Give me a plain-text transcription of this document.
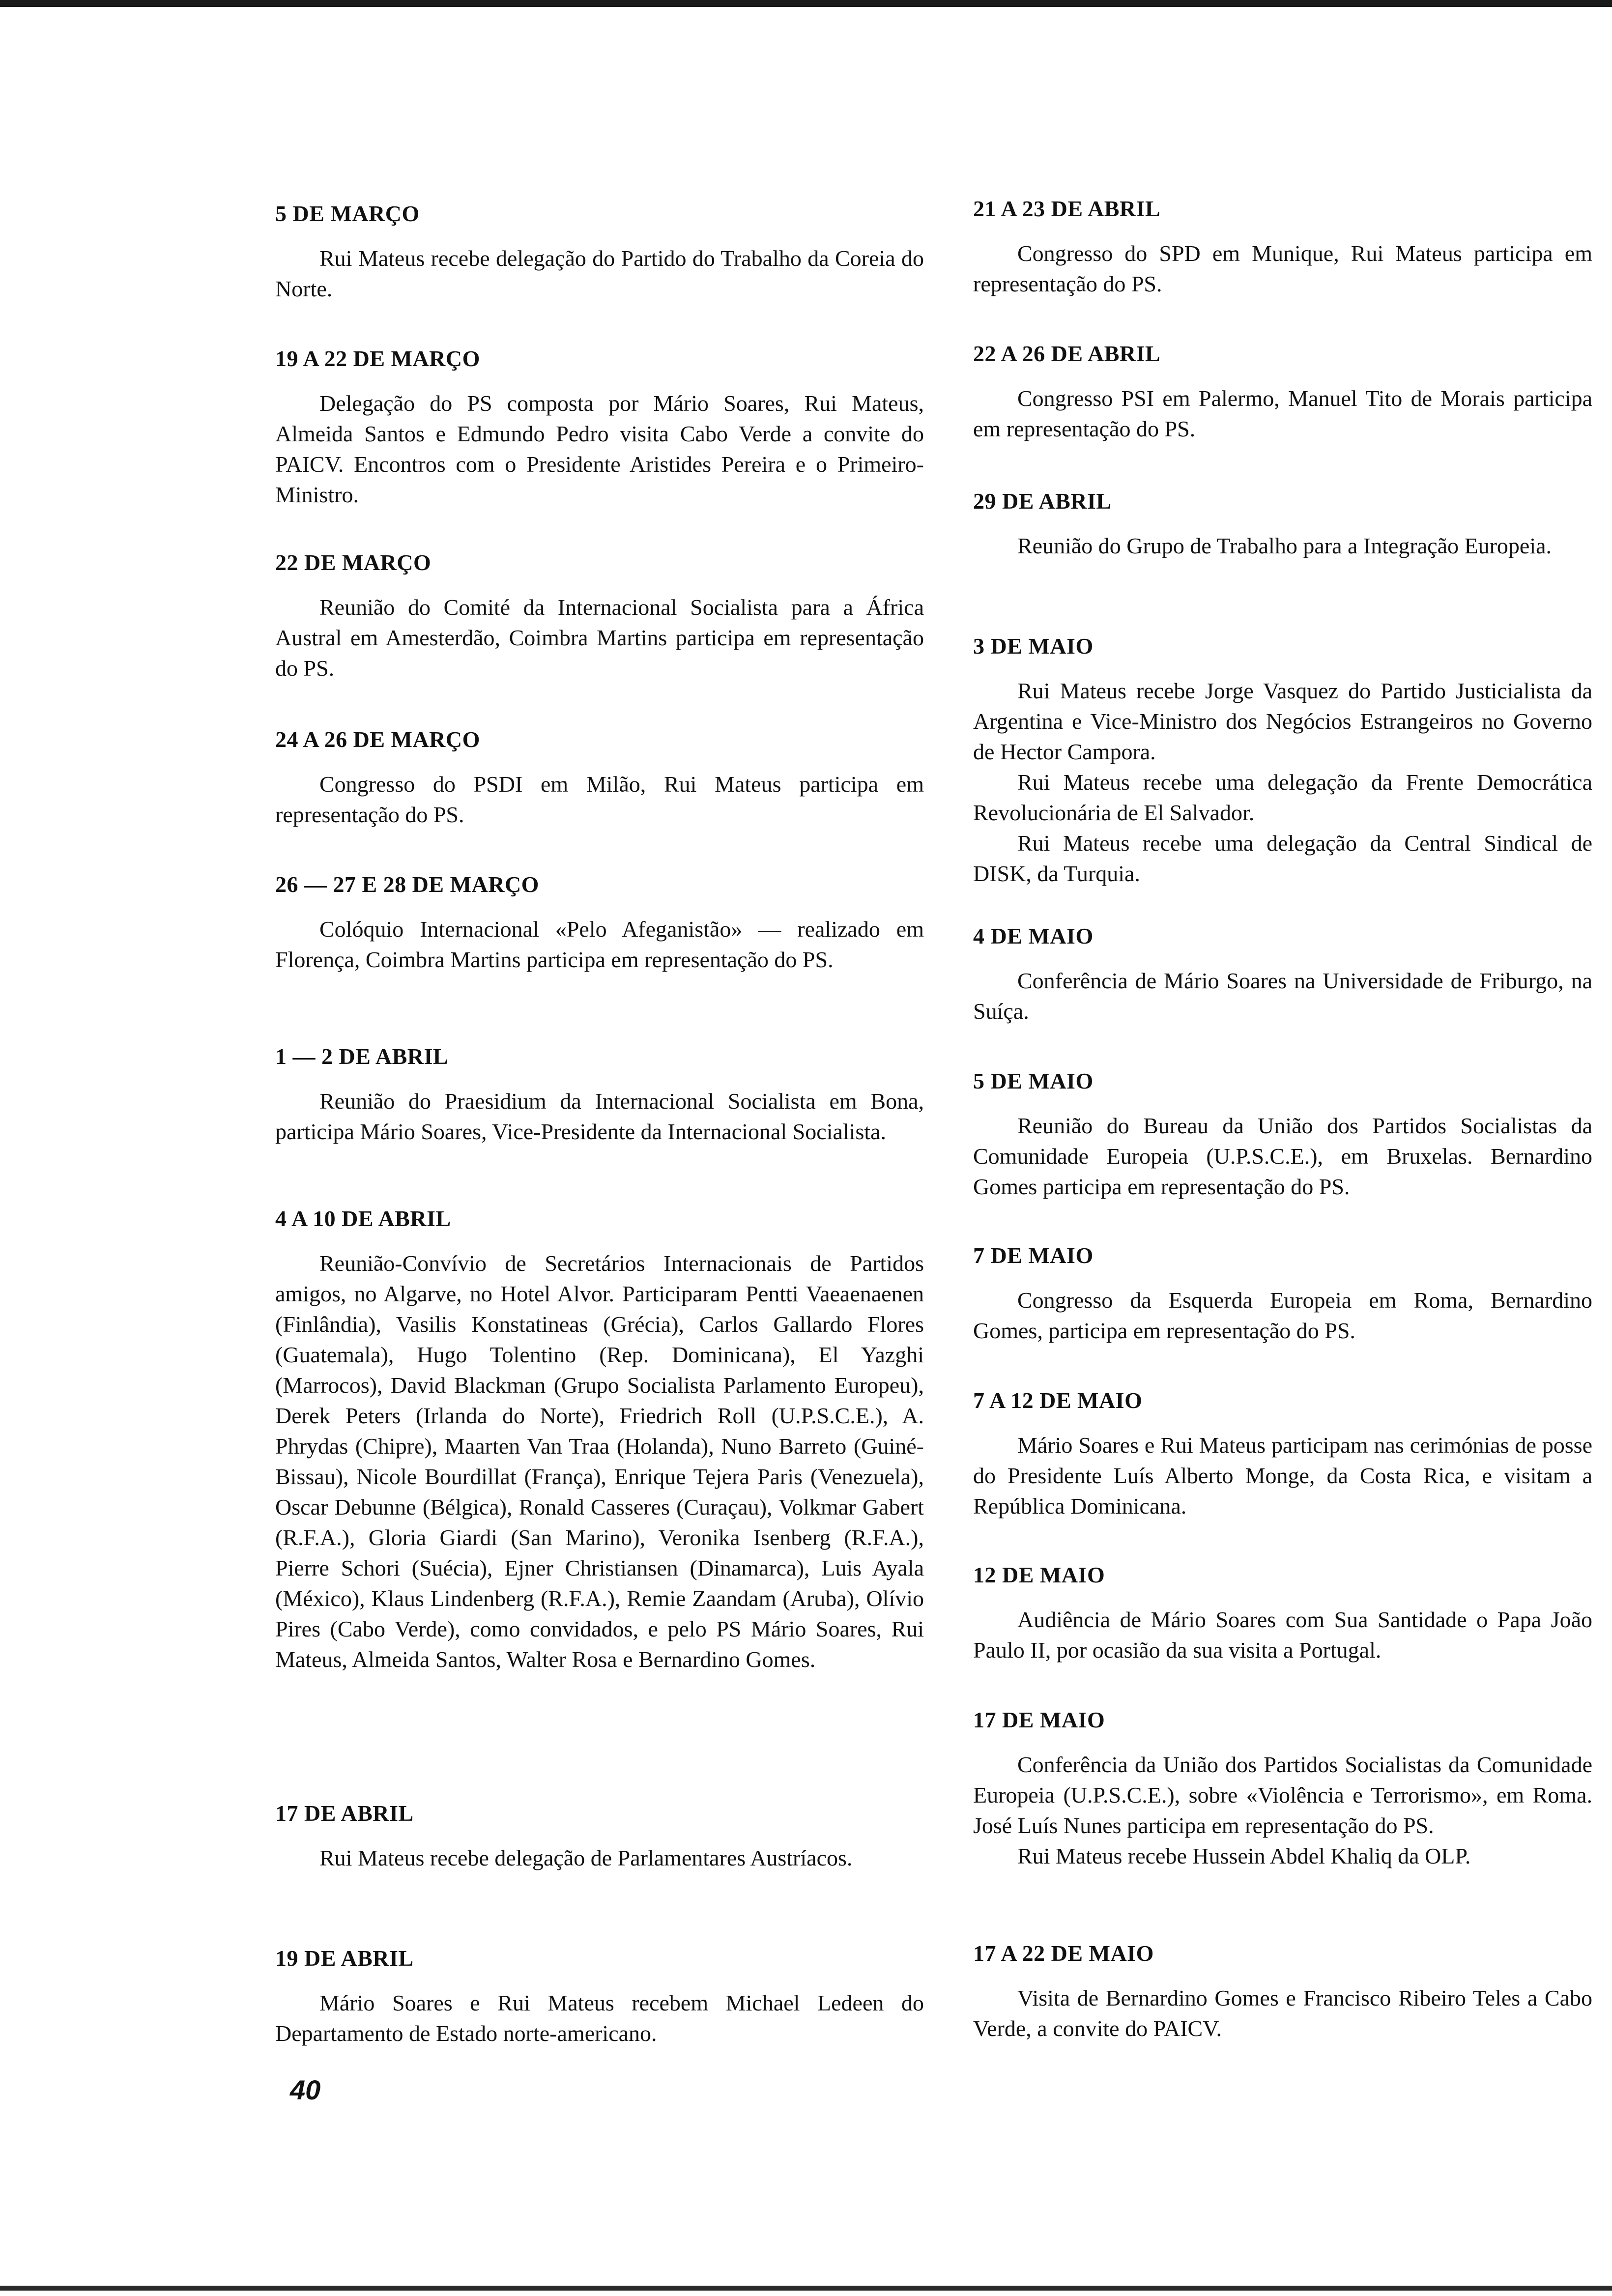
5 DE MARÇO

Rui Mateus recebe delegação do Partido do Trabalho da Coreia do Norte.

19 A 22 DE MARÇO

Delegação do PS composta por Mário Soares, Rui Mateus, Almeida Santos e Edmundo Pedro visita Cabo Verde a convite do PAICV. Encontros com o Presidente Aristides Pereira e o Primeiro-Ministro.

22 DE MARÇO

Reunião do Comité da Internacional Socialista para a África Austral em Amesterdão, Coimbra Martins participa em representação do PS.

24 A 26 DE MARÇO

Congresso do PSDI em Milão, Rui Mateus participa em representação do PS.

26 — 27 E 28 DE MARÇO

Colóquio Internacional «Pelo Afeganistão» — realizado em Florença, Coimbra Martins participa em representação do PS.

1 — 2 DE ABRIL

Reunião do Praesidium da Internacional Socialista em Bona, participa Mário Soares, Vice-Presidente da Internacional Socialista.

4 A 10 DE ABRIL

Reunião-Convívio de Secretários Internacionais de Partidos amigos, no Algarve, no Hotel Alvor. Participaram Pentti Vaeaenaenen (Finlândia), Vasilis Konstatineas (Grécia), Carlos Gallardo Flores (Guatemala), Hugo Tolentino (Rep. Dominicana), El Yazghi (Marrocos), David Blackman (Grupo Socialista Parlamento Europeu), Derek Peters (Irlanda do Norte), Friedrich Roll (U.P.S.C.E.), A. Phrydas (Chipre), Maarten Van Traa (Holanda), Nuno Barreto (Guiné-Bissau), Nicole Bourdillat (França), Enrique Tejera Paris (Venezuela), Oscar Debunne (Bélgica), Ronald Casseres (Curaçau), Volkmar Gabert (R.F.A.), Gloria Giardi (San Marino), Veronika Isenberg (R.F.A.), Pierre Schori (Suécia), Ejner Christiansen (Dinamarca), Luis Ayala (México), Klaus Lindenberg (R.F.A.), Remie Zaandam (Aruba), Olívio Pires (Cabo Verde), como convidados, e pelo PS Mário Soares, Rui Mateus, Almeida Santos, Walter Rosa e Bernardino Gomes.

17 DE ABRIL

Rui Mateus recebe delegação de Parlamentares Austríacos.

19 DE ABRIL

Mário Soares e Rui Mateus recebem Michael Ledeen do Departamento de Estado norte-americano.

21 A 23 DE ABRIL

Congresso do SPD em Munique, Rui Mateus participa em representação do PS.

22 A 26 DE ABRIL

Congresso PSI em Palermo, Manuel Tito de Morais participa em representação do PS.

29 DE ABRIL

Reunião do Grupo de Trabalho para a Integração Europeia.

3 DE MAIO

Rui Mateus recebe Jorge Vasquez do Partido Justicialista da Argentina e Vice-Ministro dos Negócios Estrangeiros no Governo de Hector Campora.

Rui Mateus recebe uma delegação da Frente Democrática Revolucionária de El Salvador.

Rui Mateus recebe uma delegação da Central Sindical de DISK, da Turquia.

4 DE MAIO

Conferência de Mário Soares na Universidade de Friburgo, na Suíça.

5 DE MAIO

Reunião do Bureau da União dos Partidos Socialistas da Comunidade Europeia (U.P.S.C.E.), em Bruxelas. Bernardino Gomes participa em representação do PS.

7 DE MAIO

Congresso da Esquerda Europeia em Roma, Bernardino Gomes, participa em representação do PS.

7 A 12 DE MAIO

Mário Soares e Rui Mateus participam nas cerimónias de posse do Presidente Luís Alberto Monge, da Costa Rica, e visitam a República Dominicana.

12 DE MAIO

Audiência de Mário Soares com Sua Santidade o Papa João Paulo II, por ocasião da sua visita a Portugal.

17 DE MAIO

Conferência da União dos Partidos Socialistas da Comunidade Europeia (U.P.S.C.E.), sobre «Violência e Terrorismo», em Roma. José Luís Nunes participa em representação do PS.

Rui Mateus recebe Hussein Abdel Khaliq da OLP.

17 A 22 DE MAIO

Visita de Bernardino Gomes e Francisco Ribeiro Teles a Cabo Verde, a convite do PAICV.

40
